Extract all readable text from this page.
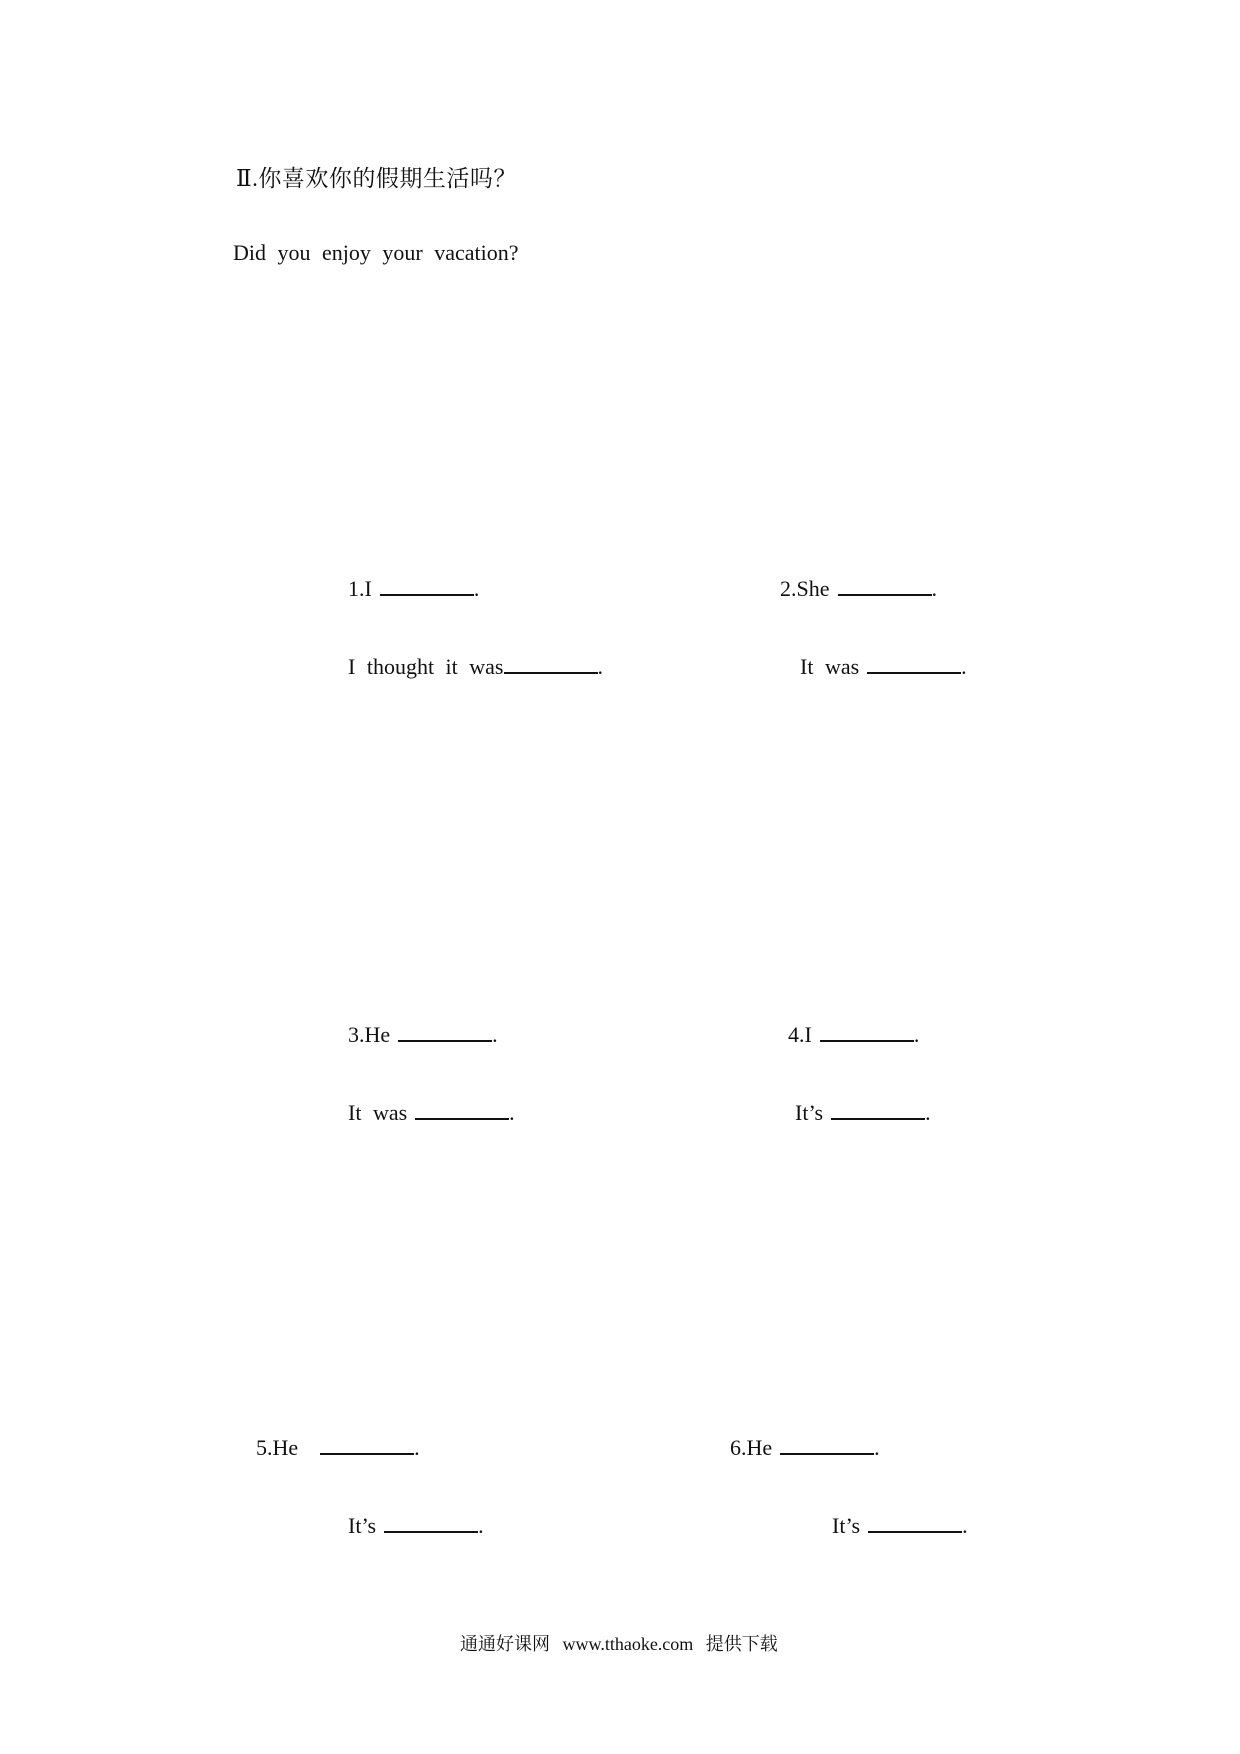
Ⅱ.你喜欢你的假期生活吗？
Did you enjoy your vacation?
1.I	.
I thought it was	.
2.She	.
It was	.
3.He	.
It was	.
4.I	.
It’s	.
5.He	.
It’s	.
6.He	.
It’s	.
通通好课网 www.tthaoke.com 提供下载
